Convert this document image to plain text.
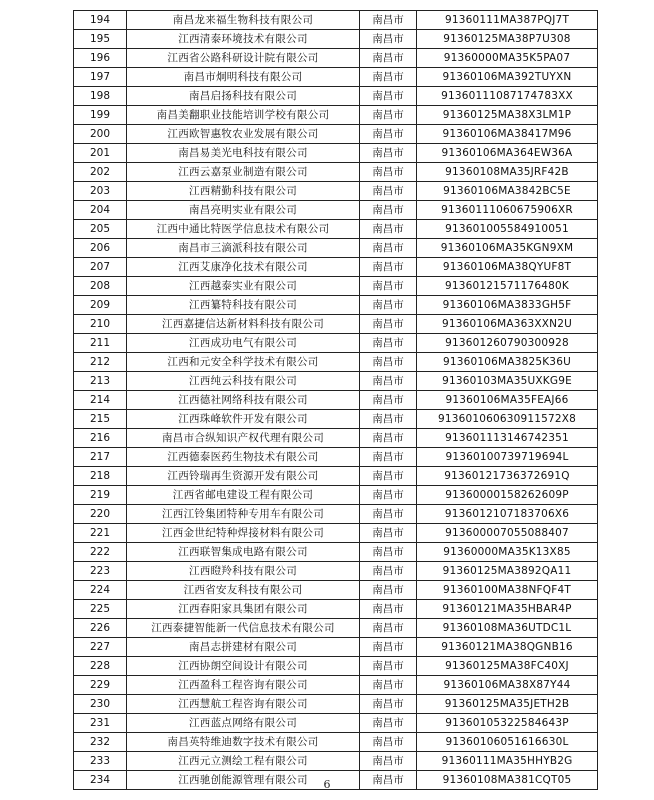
194	南昌龙来福生物科技有限公司	南昌市	91360111MA387PQJ7T
195	江西清泰环境技术有限公司	南昌市	91360125MA38P7U308
196	江西省公路科研设计院有限公司	南昌市	91360000MA35K5PA07
197	南昌市炯明科技有限公司	南昌市	91360106MA392TUYXN
198	南昌启扬科技有限公司	南昌市	91360111087174783XX
199	南昌美翻职业技能培训学校有限公司	南昌市	91360125MA38X3LM1P
200	江西欧智惠牧农业发展有限公司	南昌市	91360106MA38417M96
201	南昌易美光电科技有限公司	南昌市	91360106MA364EW36A
202	江西云嘉泵业制造有限公司	南昌市	91360108MA35JRF42B
203	江西精勤科技有限公司	南昌市	91360106MA3842BC5E
204	南昌亮明实业有限公司	南昌市	91360111060675906XR
205	江西中通比特医学信息技术有限公司	南昌市	913601005584910051
206	南昌市三滴派科技有限公司	南昌市	91360106MA35KGN9XM
207	江西艾康净化技术有限公司	南昌市	91360106MA38QYUF8T
208	江西越泰实业有限公司	南昌市	91360121571176480K
209	江西纂特科技有限公司	南昌市	91360106MA3833GH5F
210	江西嘉捷信达新材料科技有限公司	南昌市	91360106MA363XXN2U
211	江西成功电气有限公司	南昌市	913601260790300928
212	江西和元安全科学技术有限公司	南昌市	91360106MA3825K36U
213	江西纯云科技有限公司	南昌市	91360103MA35UXKG9E
214	江西德社网络科技有限公司	南昌市	91360106MA35FEAJ66
215	江西珠峰软件开发有限公司	南昌市	913601060630911572X8
216	南昌市合纵知识产权代理有限公司	南昌市	913601113146742351
217	江西德泰医药生物技术有限公司	南昌市	91360100739719694L
218	江西铃瑞再生资源开发有限公司	南昌市	91360121736372691Q
219	江西省邮电建设工程有限公司	南昌市	91360000158262609P
220	江西江铃集团特种专用车有限公司	南昌市	9136012107183706X6
221	江西金世纪特种焊接材料有限公司	南昌市	913600007055088407
222	江西联智集成电路有限公司	南昌市	91360000MA35K13X85
223	江西瞪羚科技有限公司	南昌市	91360125MA3892QA11
224	江西省安友科技有限公司	南昌市	91360100MA38NFQF4T
225	江西春阳家具集团有限公司	南昌市	91360121MA35HBAR4P
226	江西泰捷智能新一代信息技术有限公司	南昌市	91360108MA36UTDC1L
227	南昌志拼建材有限公司	南昌市	91360121MA38QGNB16
228	江西协朗空间设计有限公司	南昌市	91360125MA38FC40XJ
229	江西盈科工程咨询有限公司	南昌市	91360106MA38X87Y44
230	江西慧航工程咨询有限公司	南昌市	91360125MA35JETH2B
231	江西蓝点网络有限公司	南昌市	91360105322584643P
232	南昌英特维迪数字技术有限公司	南昌市	91360106051616630L
233	江西元立测绘工程有限公司	南昌市	91360111MA35HHYB2G
234	江西驰创能源管理有限公司	南昌市	91360108MA381CQT05
6
